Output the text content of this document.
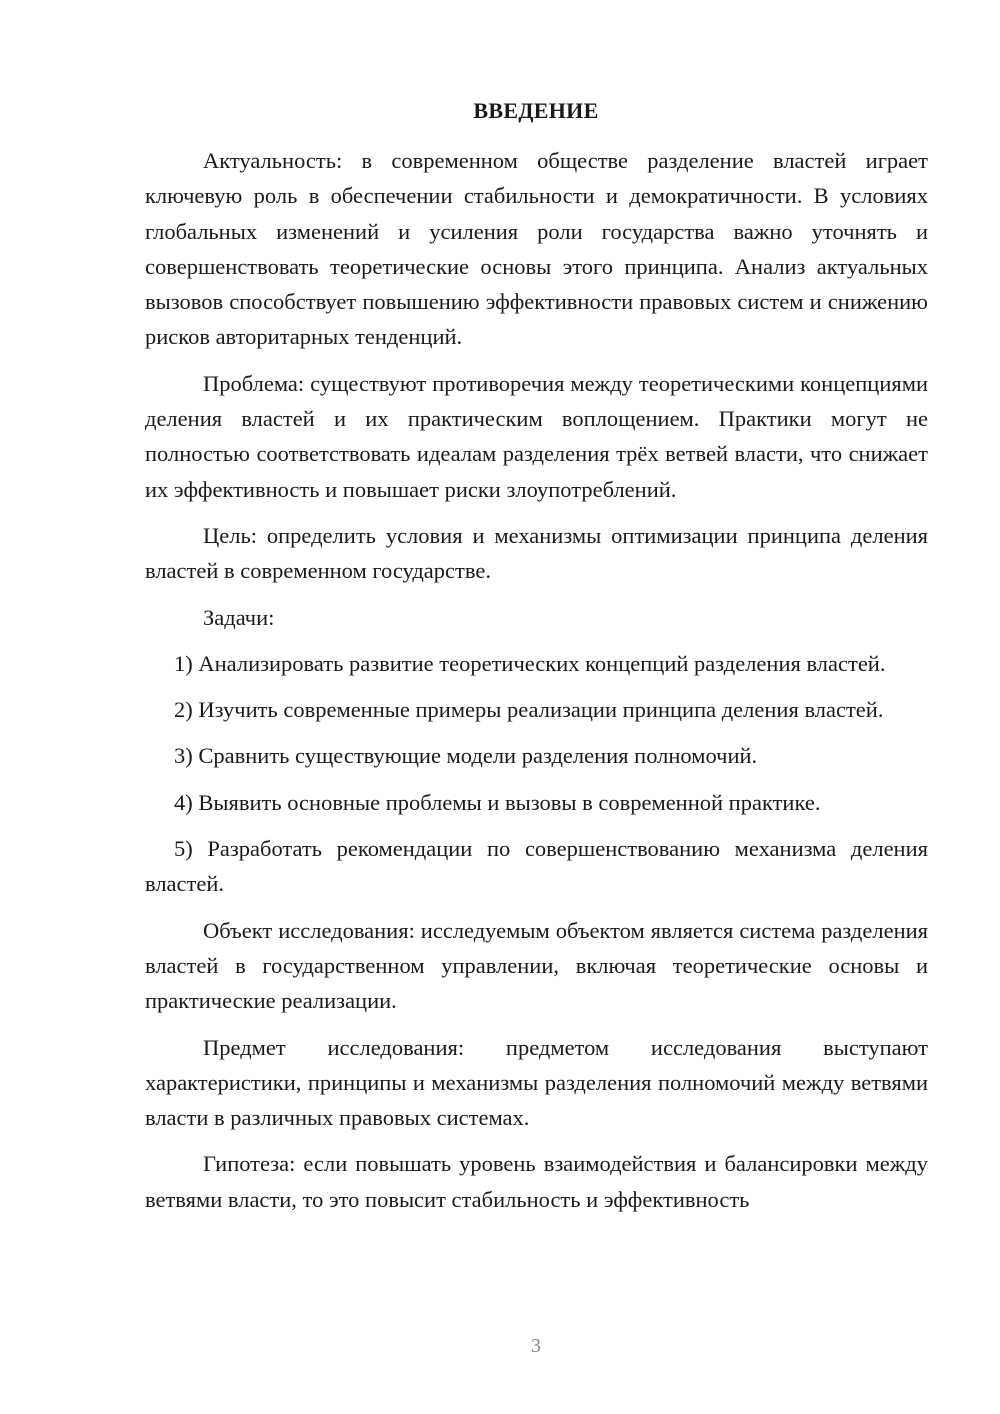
ВВЕДЕНИЕ

Актуальность: в современном обществе разделение властей играет ключевую роль в обеспечении стабильности и демократичности. В условиях глобальных изменений и усиления роли государства важно уточнять и совершенствовать теоретические основы этого принципа. Анализ актуальных вызовов способствует повышению эффективности правовых систем и снижению рисков авторитарных тенденций.

Проблема: существуют противоречия между теоретическими концепциями деления властей и их практическим воплощением. Практики могут не полностью соответствовать идеалам разделения трёх ветвей власти, что снижает их эффективность и повышает риски злоупотреблений.

Цель: определить условия и механизмы оптимизации принципа деления властей в современном государстве.

Задачи:

1) Анализировать развитие теоретических концепций разделения властей.

2) Изучить современные примеры реализации принципа деления властей.

3) Сравнить существующие модели разделения полномочий.

4) Выявить основные проблемы и вызовы в современной практике.

5) Разработать рекомендации по совершенствованию механизма деления властей.

Объект исследования: исследуемым объектом является система разделения властей в государственном управлении, включая теоретические основы и практические реализации.

Предмет исследования: предметом исследования выступают характеристики, принципы и механизмы разделения полномочий между ветвями власти в различных правовых системах.

Гипотеза: если повышать уровень взаимодействия и балансировки между ветвями власти, то это повысит стабильность и эффективность

3
